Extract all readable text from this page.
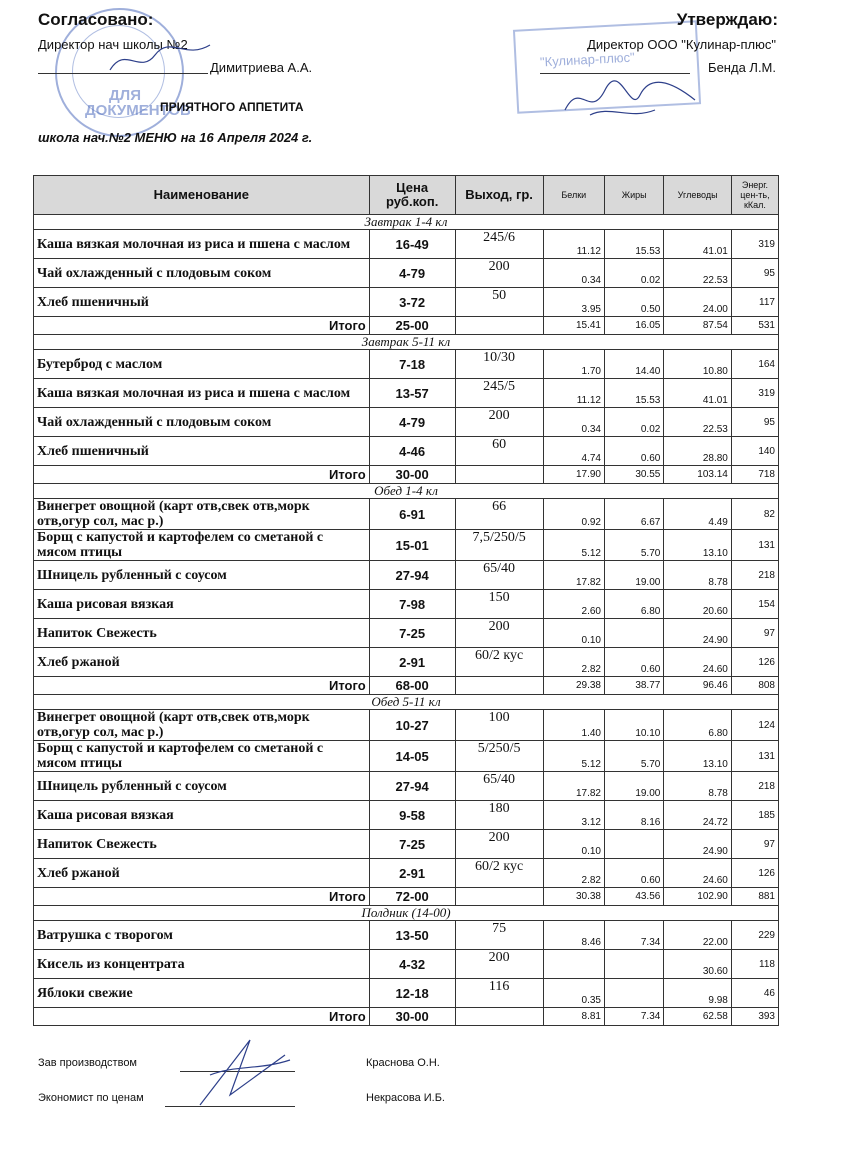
ДЛЯ ДОКУМЕНТОВ
"Кулинар-плюс"
Согласовано:
Директор нач школы №2
Димитриева А.А.
Утверждаю:
Директор ООО "Кулинар-плюс"
Бенда Л.М.
ПРИЯТНОГО АППЕТИТА
школа нач.№2 МЕНЮ на 16 Апреля 2024 г.
Наименование	Цена руб.коп.	Выход, гр.	Белки	Жиры	Углеводы	Энерг. цен-ть, кКал.
Завтрак 1-4 кл						
Каша вязкая молочная из риса и пшена с маслом	16-49	245/6	11.12	15.53	41.01	319
Чай охлажденный с плодовым соком	4-79	200	0.34	0.02	22.53	95
Хлеб пшеничный	3-72	50	3.95	0.50	24.00	117
Итого	25-00		15.41	16.05	87.54	531
Завтрак 5-11 кл						
Бутерброд с маслом	7-18	10/30	1.70	14.40	10.80	164
Каша вязкая молочная из риса и пшена с маслом	13-57	245/5	11.12	15.53	41.01	319
Чай охлажденный с плодовым соком	4-79	200	0.34	0.02	22.53	95
Хлеб пшеничный	4-46	60	4.74	0.60	28.80	140
Итого	30-00		17.90	30.55	103.14	718
Обед 1-4 кл						
Винегрет овощной (карт отв,свек отв,морк отв,огур сол, мас р.)	6-91	66	0.92	6.67	4.49	82
Борщ с капустой и картофелем со сметаной с мясом птицы	15-01	7,5/250/5	5.12	5.70	13.10	131
Шницель рубленный с соусом	27-94	65/40	17.82	19.00	8.78	218
Каша рисовая вязкая	7-98	150	2.60	6.80	20.60	154
Напиток Свежесть	7-25	200	0.10		24.90	97
Хлеб ржаной	2-91	60/2 кус	2.82	0.60	24.60	126
Итого	68-00		29.38	38.77	96.46	808
Обед 5-11 кл						
Винегрет овощной (карт отв,свек отв,морк отв,огур сол, мас р.)	10-27	100	1.40	10.10	6.80	124
Борщ с капустой и картофелем со сметаной с мясом птицы	14-05	5/250/5	5.12	5.70	13.10	131
Шницель рубленный с соусом	27-94	65/40	17.82	19.00	8.78	218
Каша рисовая вязкая	9-58	180	3.12	8.16	24.72	185
Напиток Свежесть	7-25	200	0.10		24.90	97
Хлеб ржаной	2-91	60/2 кус	2.82	0.60	24.60	126
Итого	72-00		30.38	43.56	102.90	881
Полдник (14-00)						
Ватрушка с творогом	13-50	75	8.46	7.34	22.00	229
Кисель из концентрата	4-32	200			30.60	118
Яблоки свежие	12-18	116	0.35		9.98	46
Итого	30-00		8.81	7.34	62.58	393
Зав производством	Краснова О.Н.
Экономист по ценам	Некрасова И.Б.
